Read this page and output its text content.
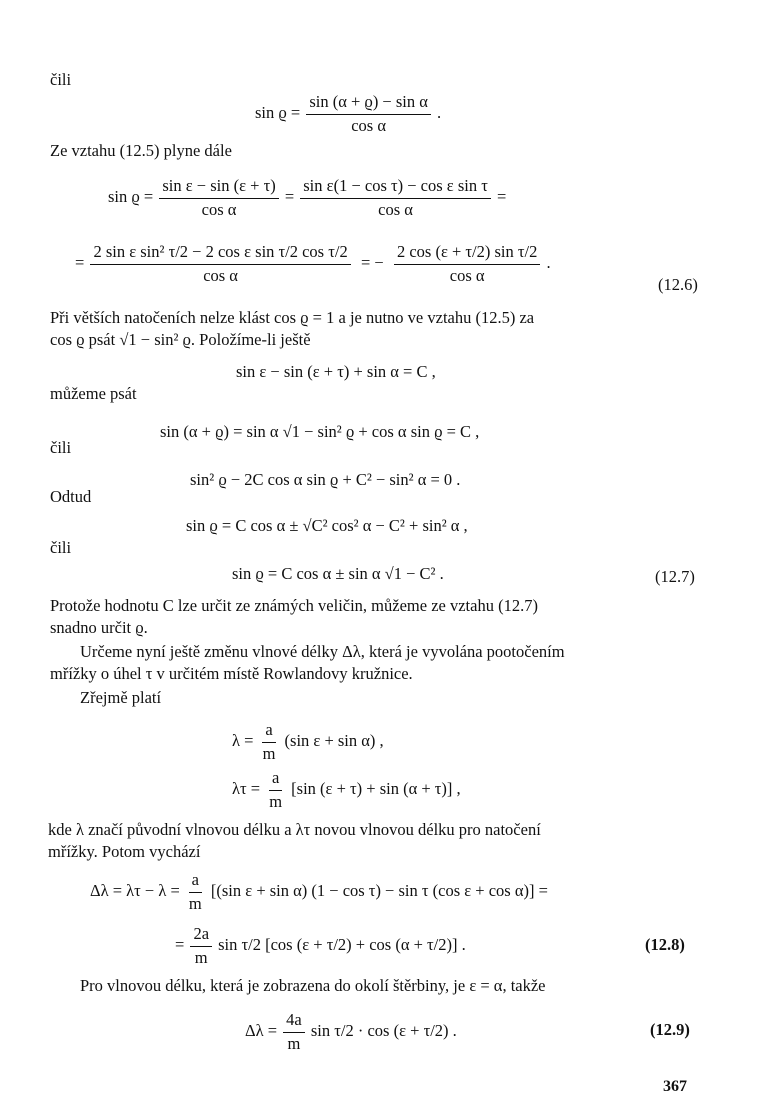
čili
$\sin ϱ = \frac{\text{sin (α + ϱ) − sin α}}{\text{cos α}}$ .
Ze vztahu (12.5) plyne dále
$\sin ϱ = \frac{\text{sin ε − sin (ε + τ)}}{\text{cos α}} = \frac{\text{sin ε(1 − cos τ) − cos ε sin τ}}{\text{cos α}}$ =
= $\frac{\text{2 sin ε sin² τ/2 − 2 cos ε sin τ/2 cos τ/2}}{\text{cos α}}$ = − $\frac{\text{2 cos (ε + τ/2) sin τ/2}}{\text{cos α}}$ .
(12.6)
Při větších natočeních nelze klást cos ϱ = 1 a je nutno ve vztahu (12.5) za
cos ϱ psát √1 − sin² ϱ. Položíme-li ještě
sin ε − sin (ε + τ) + sin α = C ,
můžeme psát
sin (α + ϱ) = sin α √1 − sin² ϱ + cos α sin ϱ = C ,
čili
sin² ϱ − 2C cos α sin ϱ + C² − sin² α = 0 .
Odtud
sin ϱ = C cos α ± √C² cos² α − C² + sin² α ,
čili
sin ϱ = C cos α ± sin α √1 − C² .	(12.7)
Protože hodnotu C lze určit ze známých veličin, můžeme ze vztahu (12.7)
snadno určit ϱ.
Určeme nyní ještě změnu vlnové délky Δλ, která je vyvolána pootočením
mřížky o úhel τ v určitém místě Rowlandovy kružnice.
Zřejmě platí
$\lambda = \frac{a}{m} (\sin$ ε + sin α) ,
$\lambda\tau = \frac{a}{m} [\sin$ (ε + τ) + sin (α + τ)] ,
kde λ značí původní vlnovou délku a λτ novou vlnovou délku pro natočení
mřížky. Potom vychází
$\Delta\lambda = \lambda\tau - \lambda = \frac{a}{m} [(\sin$ ε + sin α) (1 − cos τ) − sin τ (cos ε + cos α)] =
= $\frac{2a}{m}$ sin τ/2 [cos (ε + τ/2) + cos (α + τ/2)] .	(12.8)
Pro vlnovou délku, která je zobrazena do okolí štěrbiny, je ε = α, takže
$\Delta\lambda = \frac{4a}{m}$ sin τ/2 · cos (ε + τ/2) .	(12.9)
367
